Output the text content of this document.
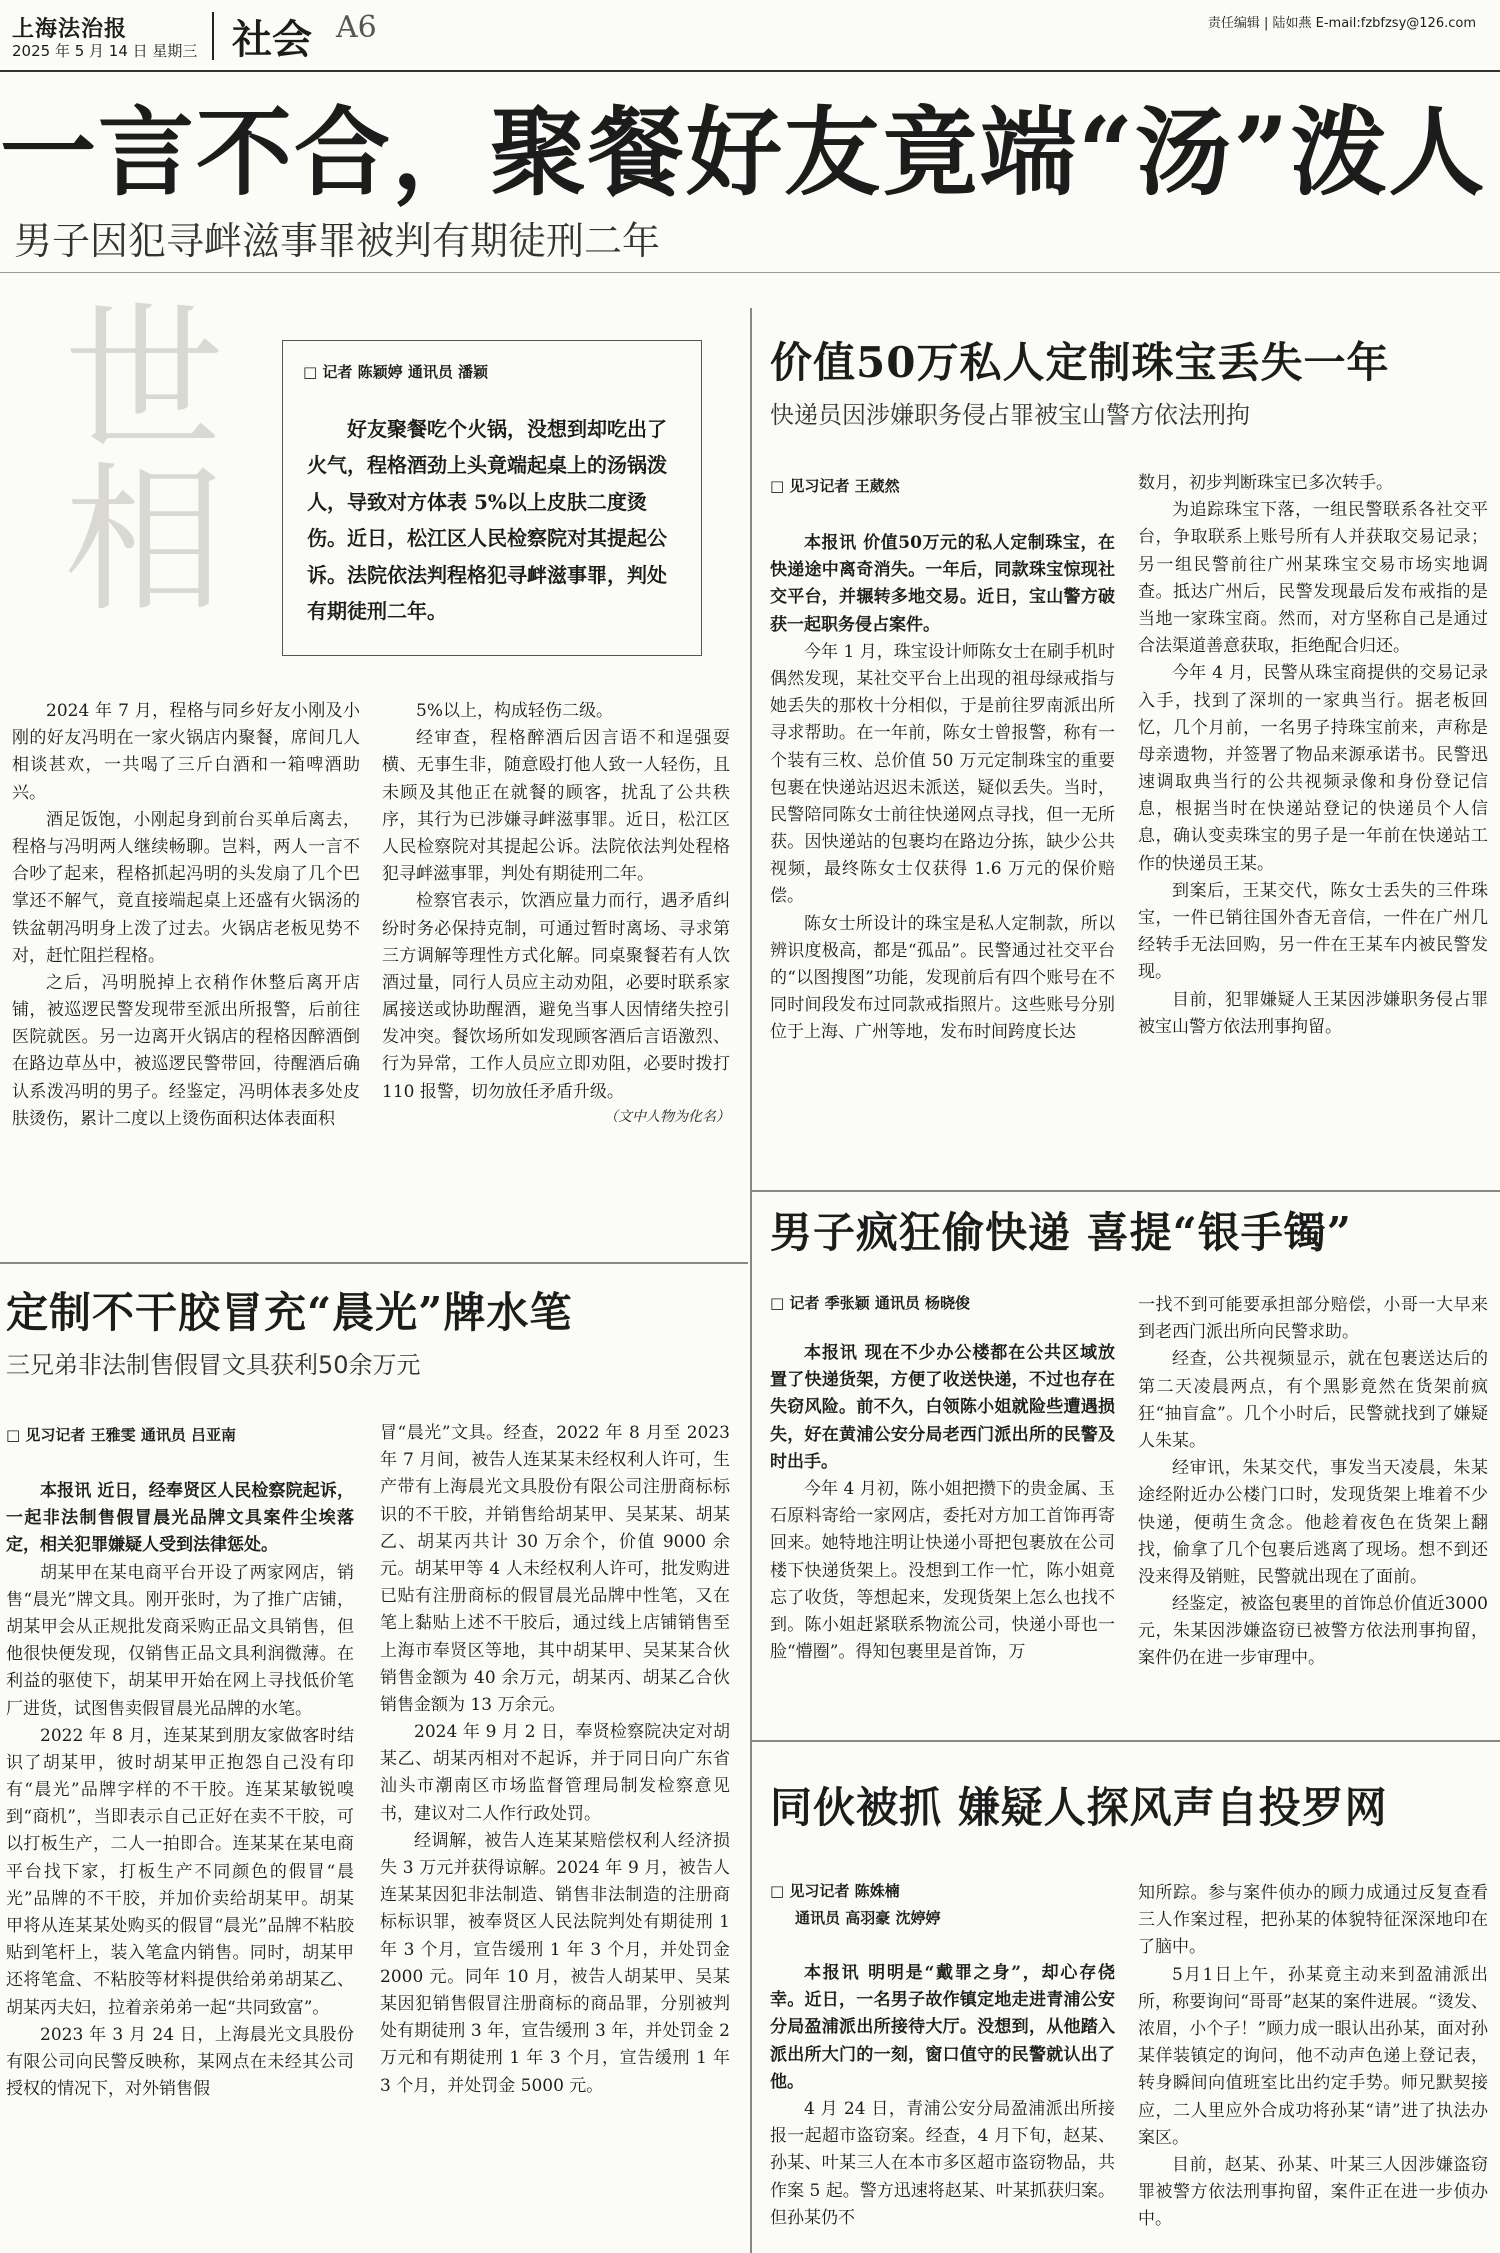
上海法治报
2025 年 5 月 14 日 星期三 社会 A6	责任编辑 | 陆如燕 E-mail:fzbfzsy@126.com
一言不合，聚餐好友竟端“汤”泼人
男子因犯寻衅滋事罪被判有期徒刑二年
世相	□ 记者 陈颖婷 通讯员 潘颖
好友聚餐吃个火锅，没想到却吃出了火气，程格酒劲上头竟端起桌上的汤锅泼人，导致对方体表 5%以上皮肤二度烫伤。近日，松江区人民检察院对其提起公诉。法院依法判程格犯寻衅滋事罪，判处有期徒刑二年。

2024 年 7 月，程格与同乡好友小刚及小刚的好友冯明在一家火锅店内聚餐，席间几人相谈甚欢，一共喝了三斤白酒和一箱啤酒助兴。

酒足饭饱，小刚起身到前台买单后离去，程格与冯明两人继续畅聊。岂料，两人一言不合吵了起来，程格抓起冯明的头发扇了几个巴掌还不解气，竟直接端起桌上还盛有火锅汤的铁盆朝冯明身上泼了过去。火锅店老板见势不对，赶忙阻拦程格。

之后，冯明脱掉上衣稍作休整后离开店铺，被巡逻民警发现带至派出所报警，后前往医院就医。另一边离开火锅店的程格因醉酒倒在路边草丛中，被巡逻民警带回，待醒酒后确认系泼冯明的男子。经鉴定，冯明体表多处皮肤烫伤，累计二度以上烫伤面积达体表面积

5%以上，构成轻伤二级。

经审查，程格醉酒后因言语不和逞强耍横、无事生非，随意殴打他人致一人轻伤，且未顾及其他正在就餐的顾客，扰乱了公共秩序，其行为已涉嫌寻衅滋事罪。近日，松江区人民检察院对其提起公诉。法院依法判处程格犯寻衅滋事罪，判处有期徒刑二年。

检察官表示，饮酒应量力而行，遇矛盾纠纷时务必保持克制，可通过暂时离场、寻求第三方调解等理性方式化解。同桌聚餐若有人饮酒过量，同行人员应主动劝阻，必要时联系家属接送或协助醒酒，避免当事人因情绪失控引发冲突。餐饮场所如发现顾客酒后言语激烈、行为异常，工作人员应立即劝阻，必要时拨打 110 报警，切勿放任矛盾升级。

（文中人物为化名）

价值50万私人定制珠宝丢失一年
快递员因涉嫌职务侵占罪被宝山警方依法刑拘
□ 见习记者 王葳然

本报讯 价值50万元的私人定制珠宝，在快递途中离奇消失。一年后，同款珠宝惊现社交平台，并辗转多地交易。近日，宝山警方破获一起职务侵占案件。

今年 1 月，珠宝设计师陈女士在刷手机时偶然发现，某社交平台上出现的祖母绿戒指与她丢失的那枚十分相似，于是前往罗南派出所寻求帮助。在一年前，陈女士曾报警，称有一个装有三枚、总价值 50 万元定制珠宝的重要包裹在快递站迟迟未派送，疑似丢失。当时，民警陪同陈女士前往快递网点寻找，但一无所获。因快递站的包裹均在路边分拣，缺少公共视频，最终陈女士仅获得 1.6 万元的保价赔偿。

陈女士所设计的珠宝是私人定制款，所以辨识度极高，都是“孤品”。民警通过社交平台的“以图搜图”功能，发现前后有四个账号在不同时间段发布过同款戒指照片。这些账号分别位于上海、广州等地，发布时间跨度长达

数月，初步判断珠宝已多次转手。

为追踪珠宝下落，一组民警联系各社交平台，争取联系上账号所有人并获取交易记录；另一组民警前往广州某珠宝交易市场实地调查。抵达广州后，民警发现最后发布戒指的是当地一家珠宝商。然而，对方坚称自己是通过合法渠道善意获取，拒绝配合归还。

今年 4 月，民警从珠宝商提供的交易记录入手，找到了深圳的一家典当行。据老板回忆，几个月前，一名男子持珠宝前来，声称是母亲遗物，并签署了物品来源承诺书。民警迅速调取典当行的公共视频录像和身份登记信息，根据当时在快递站登记的快递员个人信息，确认变卖珠宝的男子是一年前在快递站工作的快递员王某。

到案后，王某交代，陈女士丢失的三件珠宝，一件已销往国外杳无音信，一件在广州几经转手无法回购，另一件在王某车内被民警发现。

目前，犯罪嫌疑人王某因涉嫌职务侵占罪被宝山警方依法刑事拘留。

定制不干胶冒充“晨光”牌水笔
三兄弟非法制售假冒文具获利50余万元
□ 见习记者 王雅雯 通讯员 吕亚南

本报讯 近日，经奉贤区人民检察院起诉，一起非法制售假冒晨光品牌文具案件尘埃落定，相关犯罪嫌疑人受到法律惩处。

胡某甲在某电商平台开设了两家网店，销售“晨光”牌文具。刚开张时，为了推广店铺，胡某甲会从正规批发商采购正品文具销售，但他很快便发现，仅销售正品文具利润微薄。在利益的驱使下，胡某甲开始在网上寻找低价笔厂进货，试图售卖假冒晨光品牌的水笔。

2022 年 8 月，连某某到朋友家做客时结识了胡某甲，彼时胡某甲正抱怨自己没有印有“晨光”品牌字样的不干胶。连某某敏锐嗅到“商机”，当即表示自己正好在卖不干胶，可以打板生产，二人一拍即合。连某某在某电商平台找下家，打板生产不同颜色的假冒“晨光”品牌的不干胶，并加价卖给胡某甲。胡某甲将从连某某处购买的假冒“晨光”品牌不粘胶贴到笔杆上，装入笔盒内销售。同时，胡某甲还将笔盒、不粘胶等材料提供给弟弟胡某乙、胡某丙夫妇，拉着亲弟弟一起“共同致富”。

2023 年 3 月 24 日，上海晨光文具股份有限公司向民警反映称，某网点在未经其公司授权的情况下，对外销售假

冒“晨光”文具。经查，2022 年 8 月至 2023 年 7 月间，被告人连某某未经权利人许可，生产带有上海晨光文具股份有限公司注册商标标识的不干胶，并销售给胡某甲、吴某某、胡某乙、胡某丙共计 30 万余个，价值 9000 余元。胡某甲等 4 人未经权利人许可，批发购进已贴有注册商标的假冒晨光品牌中性笔，又在笔上黏贴上述不干胶后，通过线上店铺销售至上海市奉贤区等地，其中胡某甲、吴某某合伙销售金额为 40 余万元，胡某丙、胡某乙合伙销售金额为 13 万余元。

2024 年 9 月 2 日，奉贤检察院决定对胡某乙、胡某丙相对不起诉，并于同日向广东省汕头市潮南区市场监督管理局制发检察意见书，建议对二人作行政处罚。

经调解，被告人连某某赔偿权利人经济损失 3 万元并获得谅解。2024 年 9 月，被告人连某某因犯非法制造、销售非法制造的注册商标标识罪，被奉贤区人民法院判处有期徒刑 1 年 3 个月，宣告缓刑 1 年 3 个月，并处罚金 2000 元。同年 10 月，被告人胡某甲、吴某某因犯销售假冒注册商标的商品罪，分别被判处有期徒刑 3 年，宣告缓刑 3 年，并处罚金 2 万元和有期徒刑 1 年 3 个月，宣告缓刑 1 年 3 个月，并处罚金 5000 元。

男子疯狂偷快递 喜提“银手镯”
□ 记者 季张颖 通讯员 杨晓俊

本报讯 现在不少办公楼都在公共区域放置了快递货架，方便了收送快递，不过也存在失窃风险。前不久，白领陈小姐就险些遭遇损失，好在黄浦公安分局老西门派出所的民警及时出手。

今年 4 月初，陈小姐把攒下的贵金属、玉石原料寄给一家网店，委托对方加工首饰再寄回来。她特地注明让快递小哥把包裹放在公司楼下快递货架上。没想到工作一忙，陈小姐竟忘了收货，等想起来，发现货架上怎么也找不到。陈小姐赶紧联系物流公司，快递小哥也一脸“懵圈”。得知包裹里是首饰，万

一找不到可能要承担部分赔偿，小哥一大早来到老西门派出所向民警求助。

经查，公共视频显示，就在包裹送达后的第二天凌晨两点，有个黑影竟然在货架前疯狂“抽盲盒”。几个小时后，民警就找到了嫌疑人朱某。

经审讯，朱某交代，事发当天凌晨，朱某途经附近办公楼门口时，发现货架上堆着不少快递，便萌生贪念。他趁着夜色在货架上翻找，偷拿了几个包裹后逃离了现场。想不到还没来得及销赃，民警就出现在了面前。

经鉴定，被盗包裹里的首饰总价值近3000元，朱某因涉嫌盗窃已被警方依法刑事拘留，案件仍在进一步审理中。

同伙被抓 嫌疑人探风声自投罗网
□ 见习记者 陈姝楠
通讯员 高羽豪 沈婷婷

本报讯 明明是“戴罪之身”，却心存侥幸。近日，一名男子故作镇定地走进青浦公安分局盈浦派出所接待大厅。没想到，从他踏入派出所大门的一刻，窗口值守的民警就认出了他。

4 月 24 日，青浦公安分局盈浦派出所接报一起超市盗窃案。经查，4 月下旬，赵某、孙某、叶某三人在本市多区超市盗窃物品，共作案 5 起。警方迅速将赵某、叶某抓获归案。但孙某仍不

知所踪。参与案件侦办的顾力成通过反复查看三人作案过程，把孙某的体貌特征深深地印在了脑中。

5月1日上午，孙某竟主动来到盈浦派出所，称要询问“哥哥”赵某的案件进展。“烫发、浓眉，小个子！”顾力成一眼认出孙某，面对孙某佯装镇定的询问，他不动声色递上登记表，转身瞬间向值班室比出约定手势。师兄默契接应，二人里应外合成功将孙某“请”进了执法办案区。

目前，赵某、孙某、叶某三人因涉嫌盗窃罪被警方依法刑事拘留，案件正在进一步侦办中。
